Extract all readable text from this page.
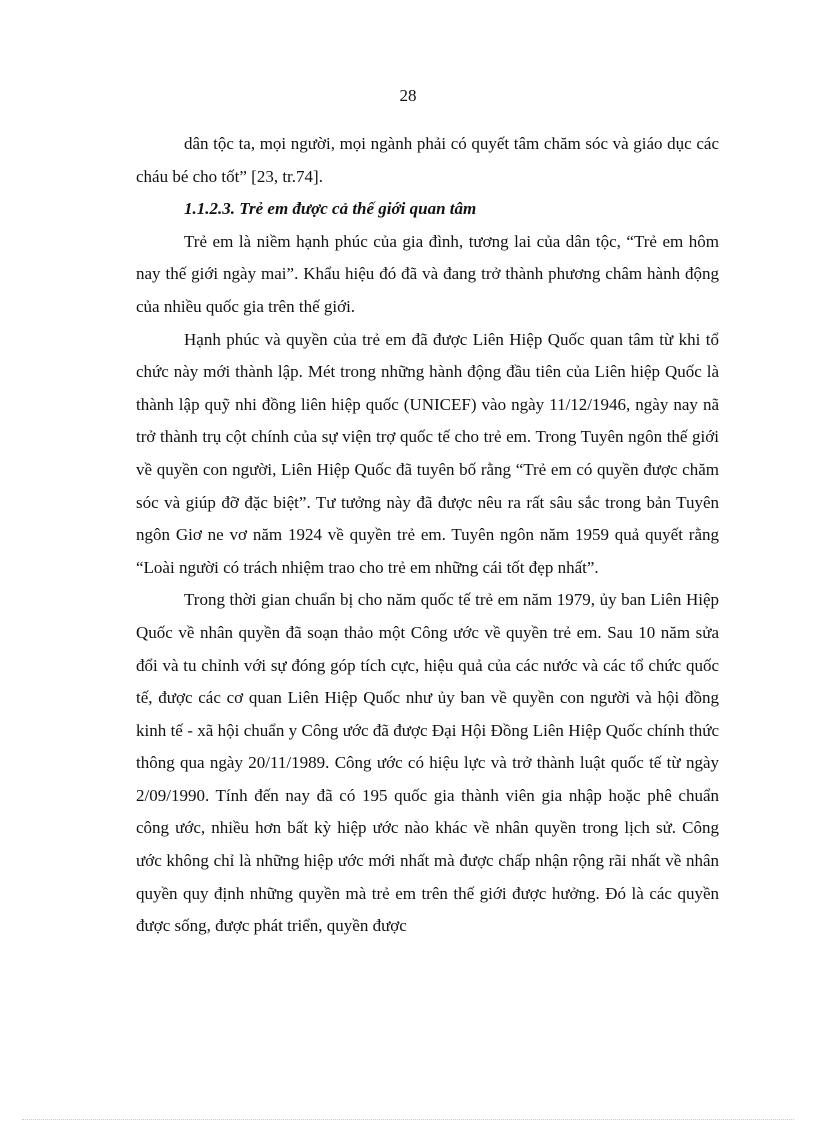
28

dân tộc ta, mọi người, mọi ngành phải có quyết tâm chăm sóc và giáo dục các cháu bé cho tốt” [23, tr.74].

1.1.2.3. Trẻ em được cả thế giới quan tâm

Trẻ em là niềm hạnh phúc của gia đình, tương lai của dân tộc, “Trẻ em hôm nay thế giới ngày mai”. Khẩu hiệu đó đã và đang trở thành phương châm hành động của nhiều quốc gia trên thế giới.

Hạnh phúc và quyền của trẻ em đã được Liên Hiệp Quốc quan tâm từ khi tổ chức này mới thành lập. Mét trong những hành động đầu tiên của Liên hiệp Quốc là thành lập quỹ nhi đồng liên hiệp quốc (UNICEF) vào ngày 11/12/1946, ngày nay nã trở thành trụ cột chính của sự viện trợ quốc tế cho trẻ em. Trong Tuyên ngôn thế giới về quyền con người, Liên Hiệp Quốc đã tuyên bố rằng “Trẻ em có quyền được chăm sóc và giúp đỡ đặc biệt”. Tư tưởng này đã được nêu ra rất sâu sắc trong bản Tuyên ngôn Giơ ne vơ năm 1924 về quyền trẻ em. Tuyên ngôn năm 1959 quả quyết rằng “Loài người có trách nhiệm trao cho trẻ em những cái tốt đẹp nhất”.

Trong thời gian chuẩn bị cho năm quốc tế trẻ em năm 1979, ủy ban Liên Hiệp Quốc về nhân quyền đã soạn thảo một Công ước về quyền trẻ em. Sau 10 năm sửa đổi và tu chỉnh với sự đóng góp tích cực, hiệu quả của các nước và các tổ chức quốc tế, được các cơ quan Liên Hiệp Quốc như ủy ban về quyền con người và hội đồng kinh tế - xã hội chuẩn y Công ước đã được Đại Hội Đồng Liên Hiệp Quốc chính thức thông qua ngày 20/11/1989. Công ước có hiệu lực và trở thành luật quốc tế từ ngày 2/09/1990. Tính đến nay đã có 195 quốc gia thành viên gia nhập hoặc phê chuẩn công ước, nhiều hơn bất kỳ hiệp ước nào khác về nhân quyền trong lịch sử. Công ước không chỉ là những hiệp ước mới nhất mà được chấp nhận rộng rãi nhất về nhân quyền quy định những quyền mà trẻ em trên thế giới được hưởng. Đó là các quyền được sống, được phát triển, quyền được
